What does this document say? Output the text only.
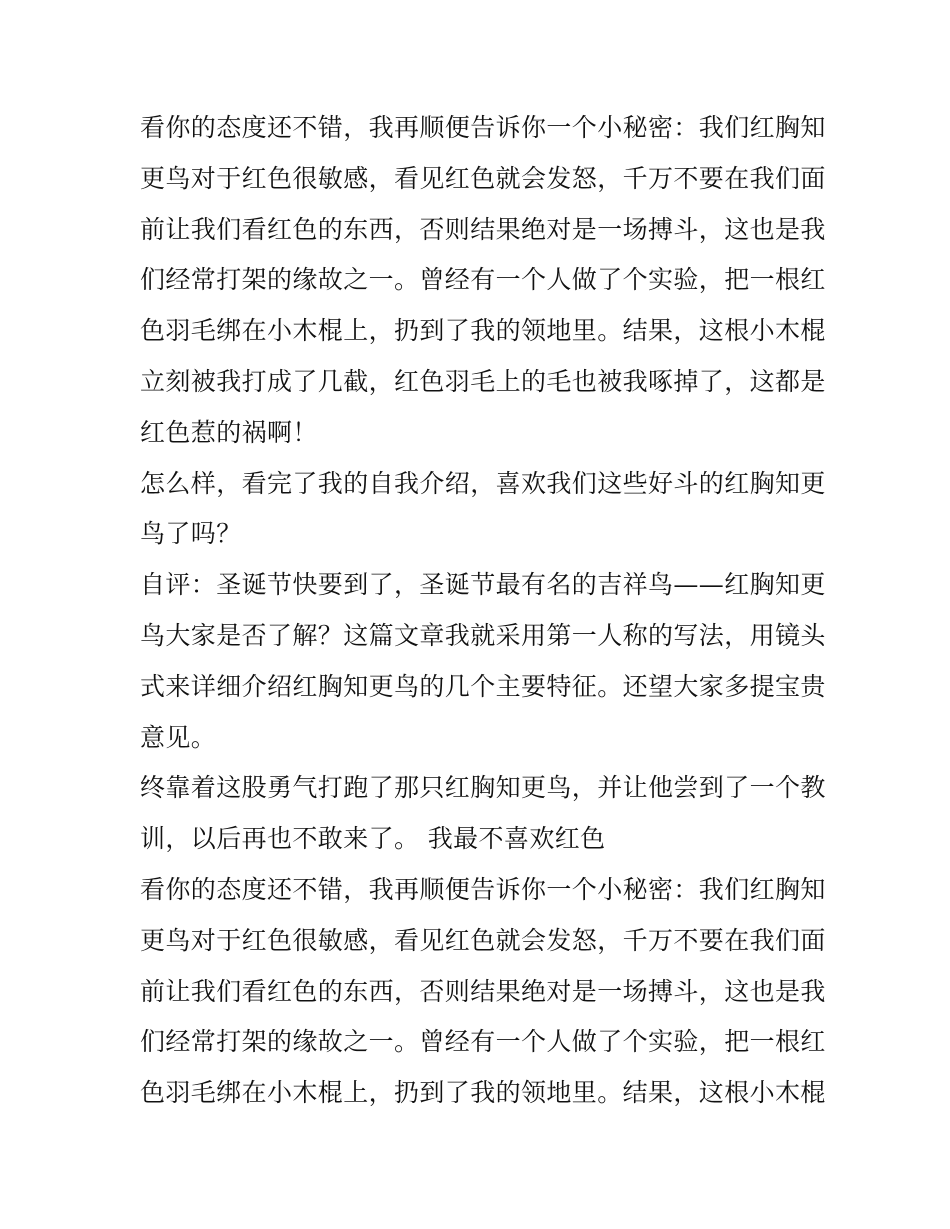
看你的态度还不错，我再顺便告诉你一个小秘密：我们红胸知
更鸟对于红色很敏感，看见红色就会发怒，千万不要在我们面
前让我们看红色的东西，否则结果绝对是一场搏斗，这也是我
们经常打架的缘故之一。曾经有一个人做了个实验，把一根红
色羽毛绑在小木棍上，扔到了我的领地里。结果，这根小木棍
立刻被我打成了几截，红色羽毛上的毛也被我啄掉了，这都是
红色惹的祸啊！
怎么样，看完了我的自我介绍，喜欢我们这些好斗的红胸知更
鸟了吗？
自评：圣诞节快要到了，圣诞节最有名的吉祥鸟——红胸知更
鸟大家是否了解？这篇文章我就采用第一人称的写法，用镜头
式来详细介绍红胸知更鸟的几个主要特征。还望大家多提宝贵
意见。
终靠着这股勇气打跑了那只红胸知更鸟，并让他尝到了一个教
训，以后再也不敢来了。 我最不喜欢红色
看你的态度还不错，我再顺便告诉你一个小秘密：我们红胸知
更鸟对于红色很敏感，看见红色就会发怒，千万不要在我们面
前让我们看红色的东西，否则结果绝对是一场搏斗，这也是我
们经常打架的缘故之一。曾经有一个人做了个实验，把一根红
色羽毛绑在小木棍上，扔到了我的领地里。结果，这根小木棍
